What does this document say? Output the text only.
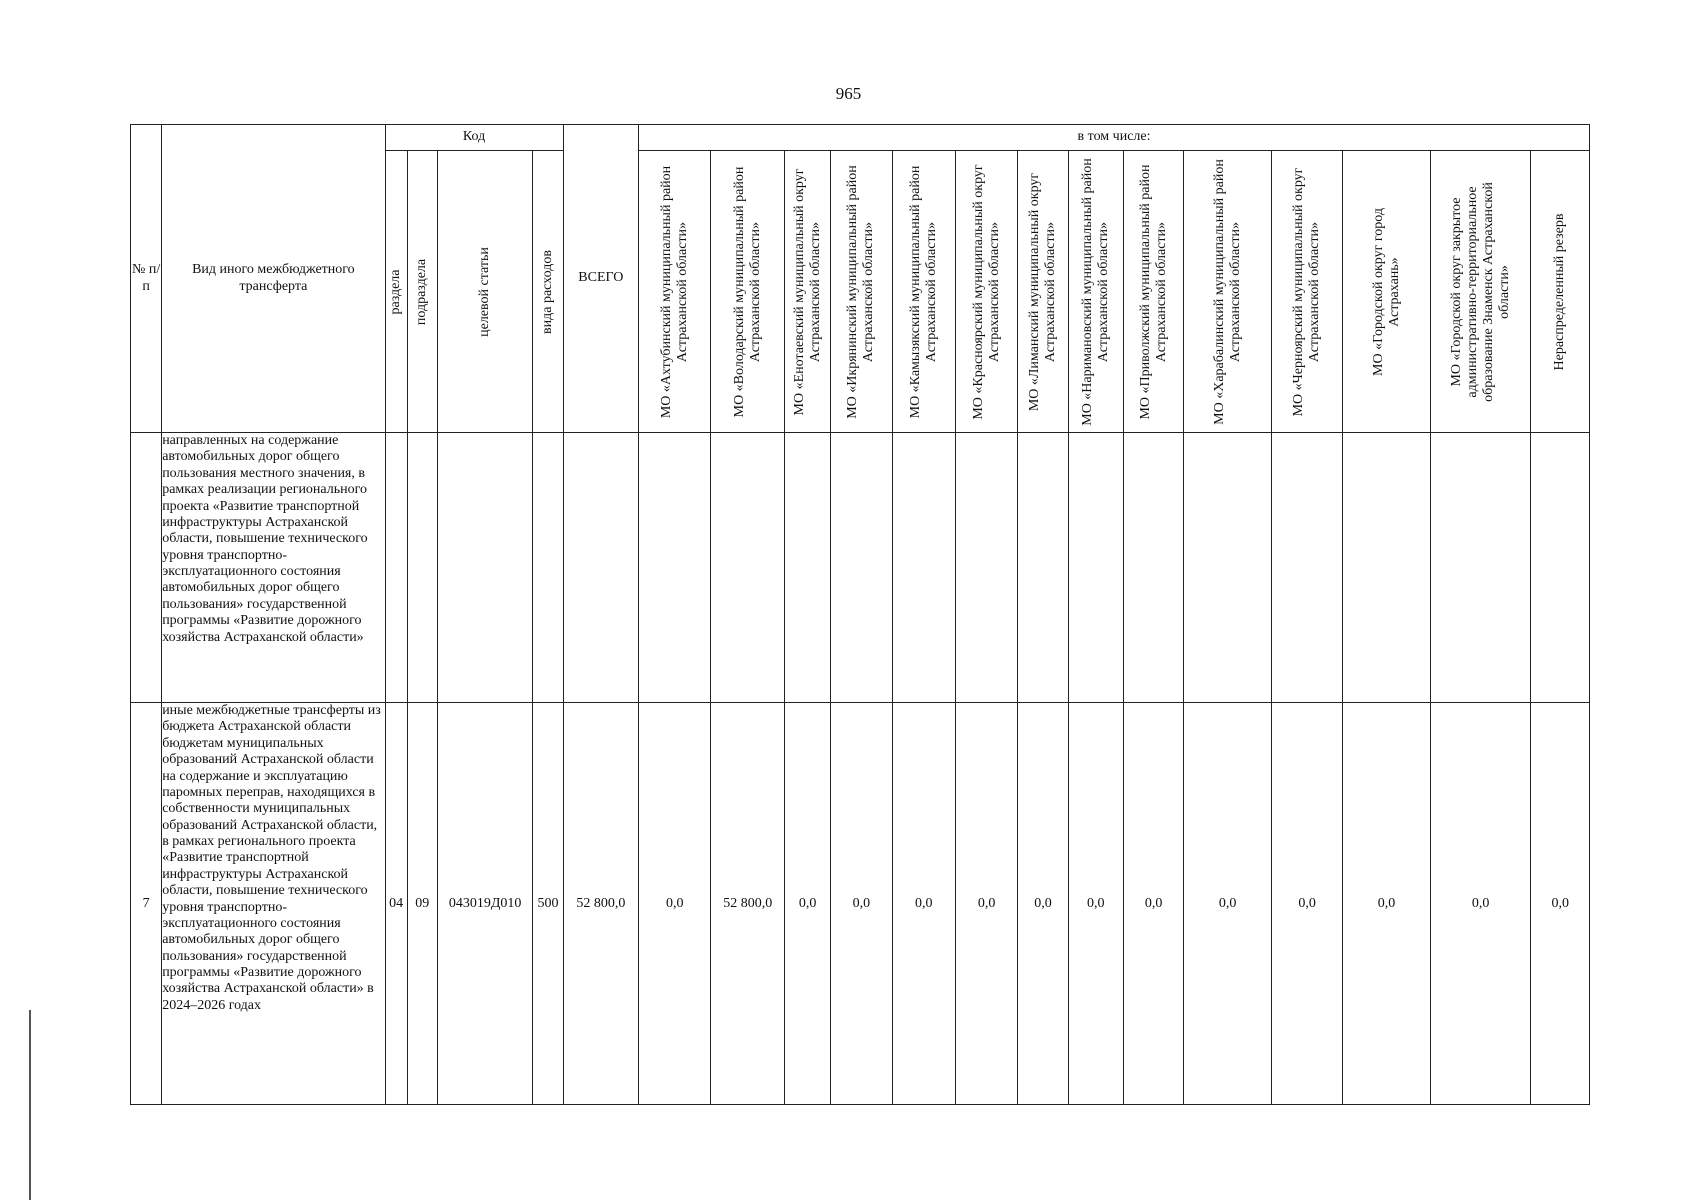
965
№ п/п	Вид иного межбюджетного трансферта	Код				ВСЕГО	в том числе:													

		раздела	подраздела	целевой статьи	вида расходов		МО «Ахтубинский муниципальный район Астраханской области»	МО «Володарский муниципальный район Астраханской области»	МО «Енотаевский муниципальный округ Астраханской области»	МО «Икрянинский муниципальный район Астраханской области»	МО «Камызякский муниципальный район Астраханской области»	МО «Красноярский муниципальный округ Астраханской области»	МО «Лиманский муниципальный округ Астраханской области»	МО «Наримановский муниципальный район Астраханской области»	МО «Приволжский муниципальный район Астраханской области»	МО «Харабалинский муниципальный район Астраханской области»	МО «Черноярский муниципальный округ Астраханской области»	МО «Городской округ город Астрахань»	МО «Городской округ закрытое административно-территориальное образование Знаменск Астраханской области»	Нераспределенный резерв

	направленных на содержание автомобильных дорог общего пользования местного значения, в рамках реализации регионального проекта «Развитие транспортной инфраструктуры Астраханской области, повышение технического уровня транспортно-эксплуатационного состояния автомобильных дорог общего пользования» государственной программы «Развитие дорожного хозяйства Астраханской области»																			
7	иные межбюджетные трансферты из бюджета Астраханской области бюджетам муниципальных образований Астраханской области на содержание и эксплуатацию паромных переправ, находящихся в собственности муниципальных образований Астраханской области, в рамках регионального проекта «Развитие транспортной инфраструктуры Астраханской области, повышение технического уровня транспортно-эксплуатационного состояния автомобильных дорог общего пользования» государственной программы «Развитие дорожного хозяйства Астраханской области» в 2024–2026 годах	04	09	043019Д010	500	52 800,0	0,0	52 800,0	0,0	0,0	0,0	0,0	0,0	0,0	0,0	0,0	0,0	0,0	0,0	0,0
